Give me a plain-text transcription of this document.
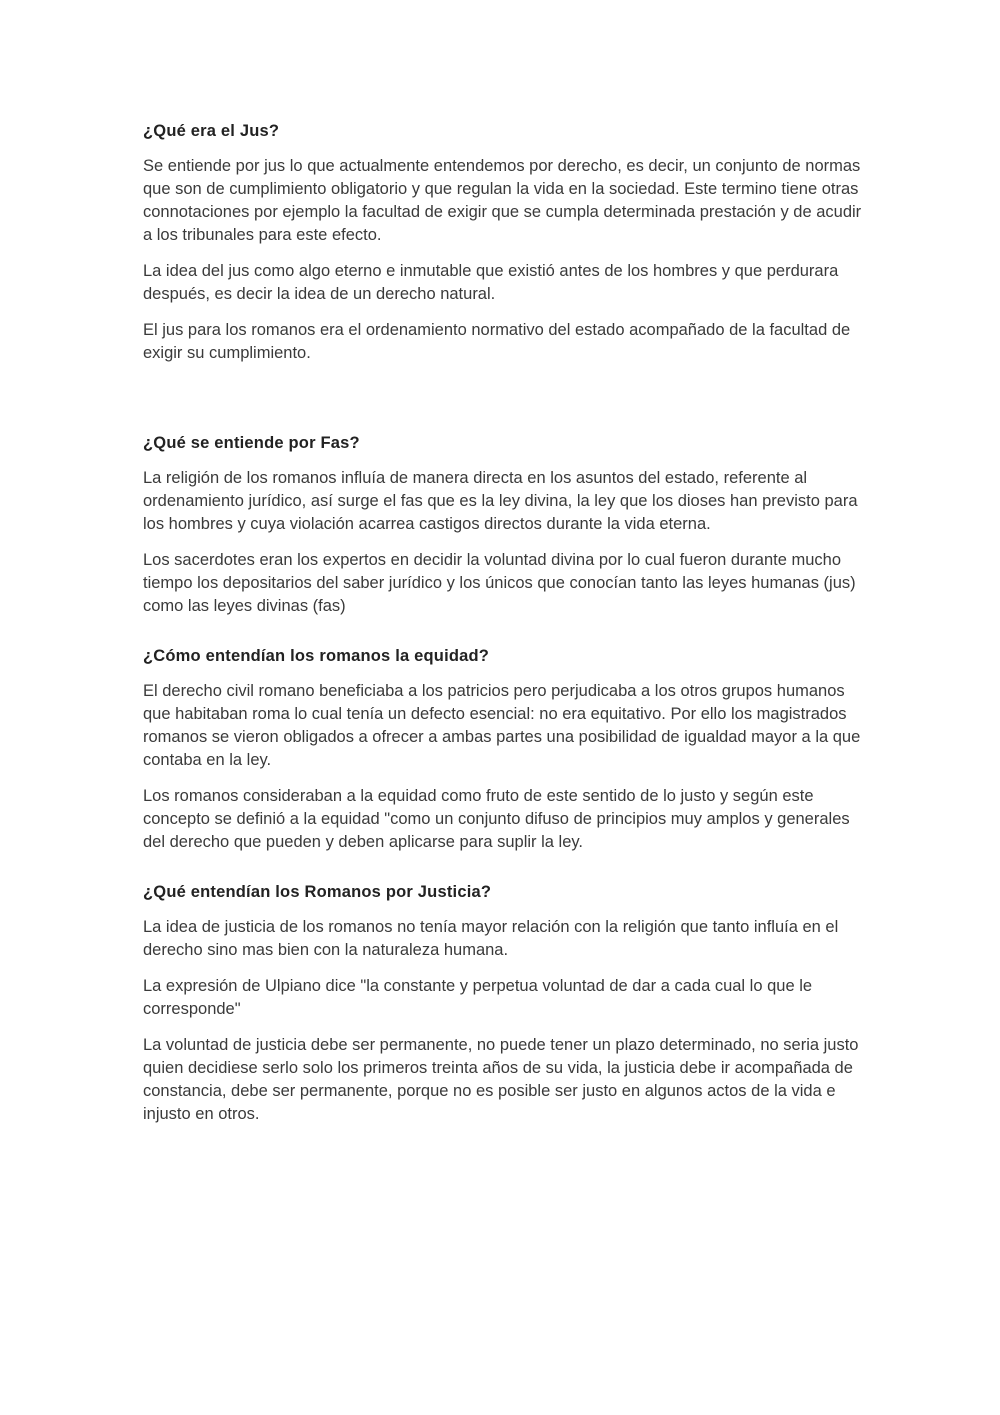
¿Qué era el Jus?

Se entiende por jus lo que actualmente entendemos por derecho, es decir, un conjunto de normas que son de cumplimiento obligatorio y que regulan la vida en la sociedad. Este termino tiene otras connotaciones por ejemplo la facultad de exigir que se cumpla determinada prestación y de acudir a los tribunales para este efecto.

La idea del jus como algo eterno e inmutable que existió antes de los hombres y que perdurara después, es decir la idea de un derecho natural.

El jus para los romanos era el ordenamiento normativo del estado acompañado de la facultad de exigir su cumplimiento.

¿Qué se entiende por Fas?

La religión de los romanos influía de manera directa en los asuntos del estado, referente al ordenamiento jurídico, así surge el fas que es la ley divina, la ley que los dioses han previsto para los hombres y cuya violación acarrea castigos directos durante la vida eterna.

Los sacerdotes eran los expertos en decidir la voluntad divina por lo cual fueron durante mucho tiempo los depositarios del saber jurídico y los únicos que conocían tanto las leyes humanas (jus) como las leyes divinas (fas)

¿Cómo entendían los romanos la equidad?

El derecho civil romano beneficiaba a los patricios pero perjudicaba a los otros grupos humanos que habitaban roma lo cual tenía un defecto esencial: no era equitativo. Por ello los magistrados romanos se vieron obligados a ofrecer a ambas partes una posibilidad de igualdad mayor a la que contaba en la ley.

Los romanos consideraban a la equidad como fruto de este sentido de lo justo y según este concepto se definió a la equidad "como un conjunto difuso de principios muy amplos y generales del derecho que pueden y deben aplicarse para suplir la ley.

¿Qué entendían los Romanos por Justicia?

La idea de justicia de los romanos no tenía mayor relación con la religión que tanto influía en el derecho sino mas bien con la naturaleza humana.

La expresión de Ulpiano dice "la constante y perpetua voluntad de dar a cada cual lo que le corresponde"

La voluntad de justicia debe ser permanente, no puede tener un plazo determinado, no seria justo quien decidiese serlo solo los primeros treinta años de su vida, la justicia debe ir acompañada de constancia, debe ser permanente, porque no es posible ser justo en algunos actos de la vida e injusto en otros.
